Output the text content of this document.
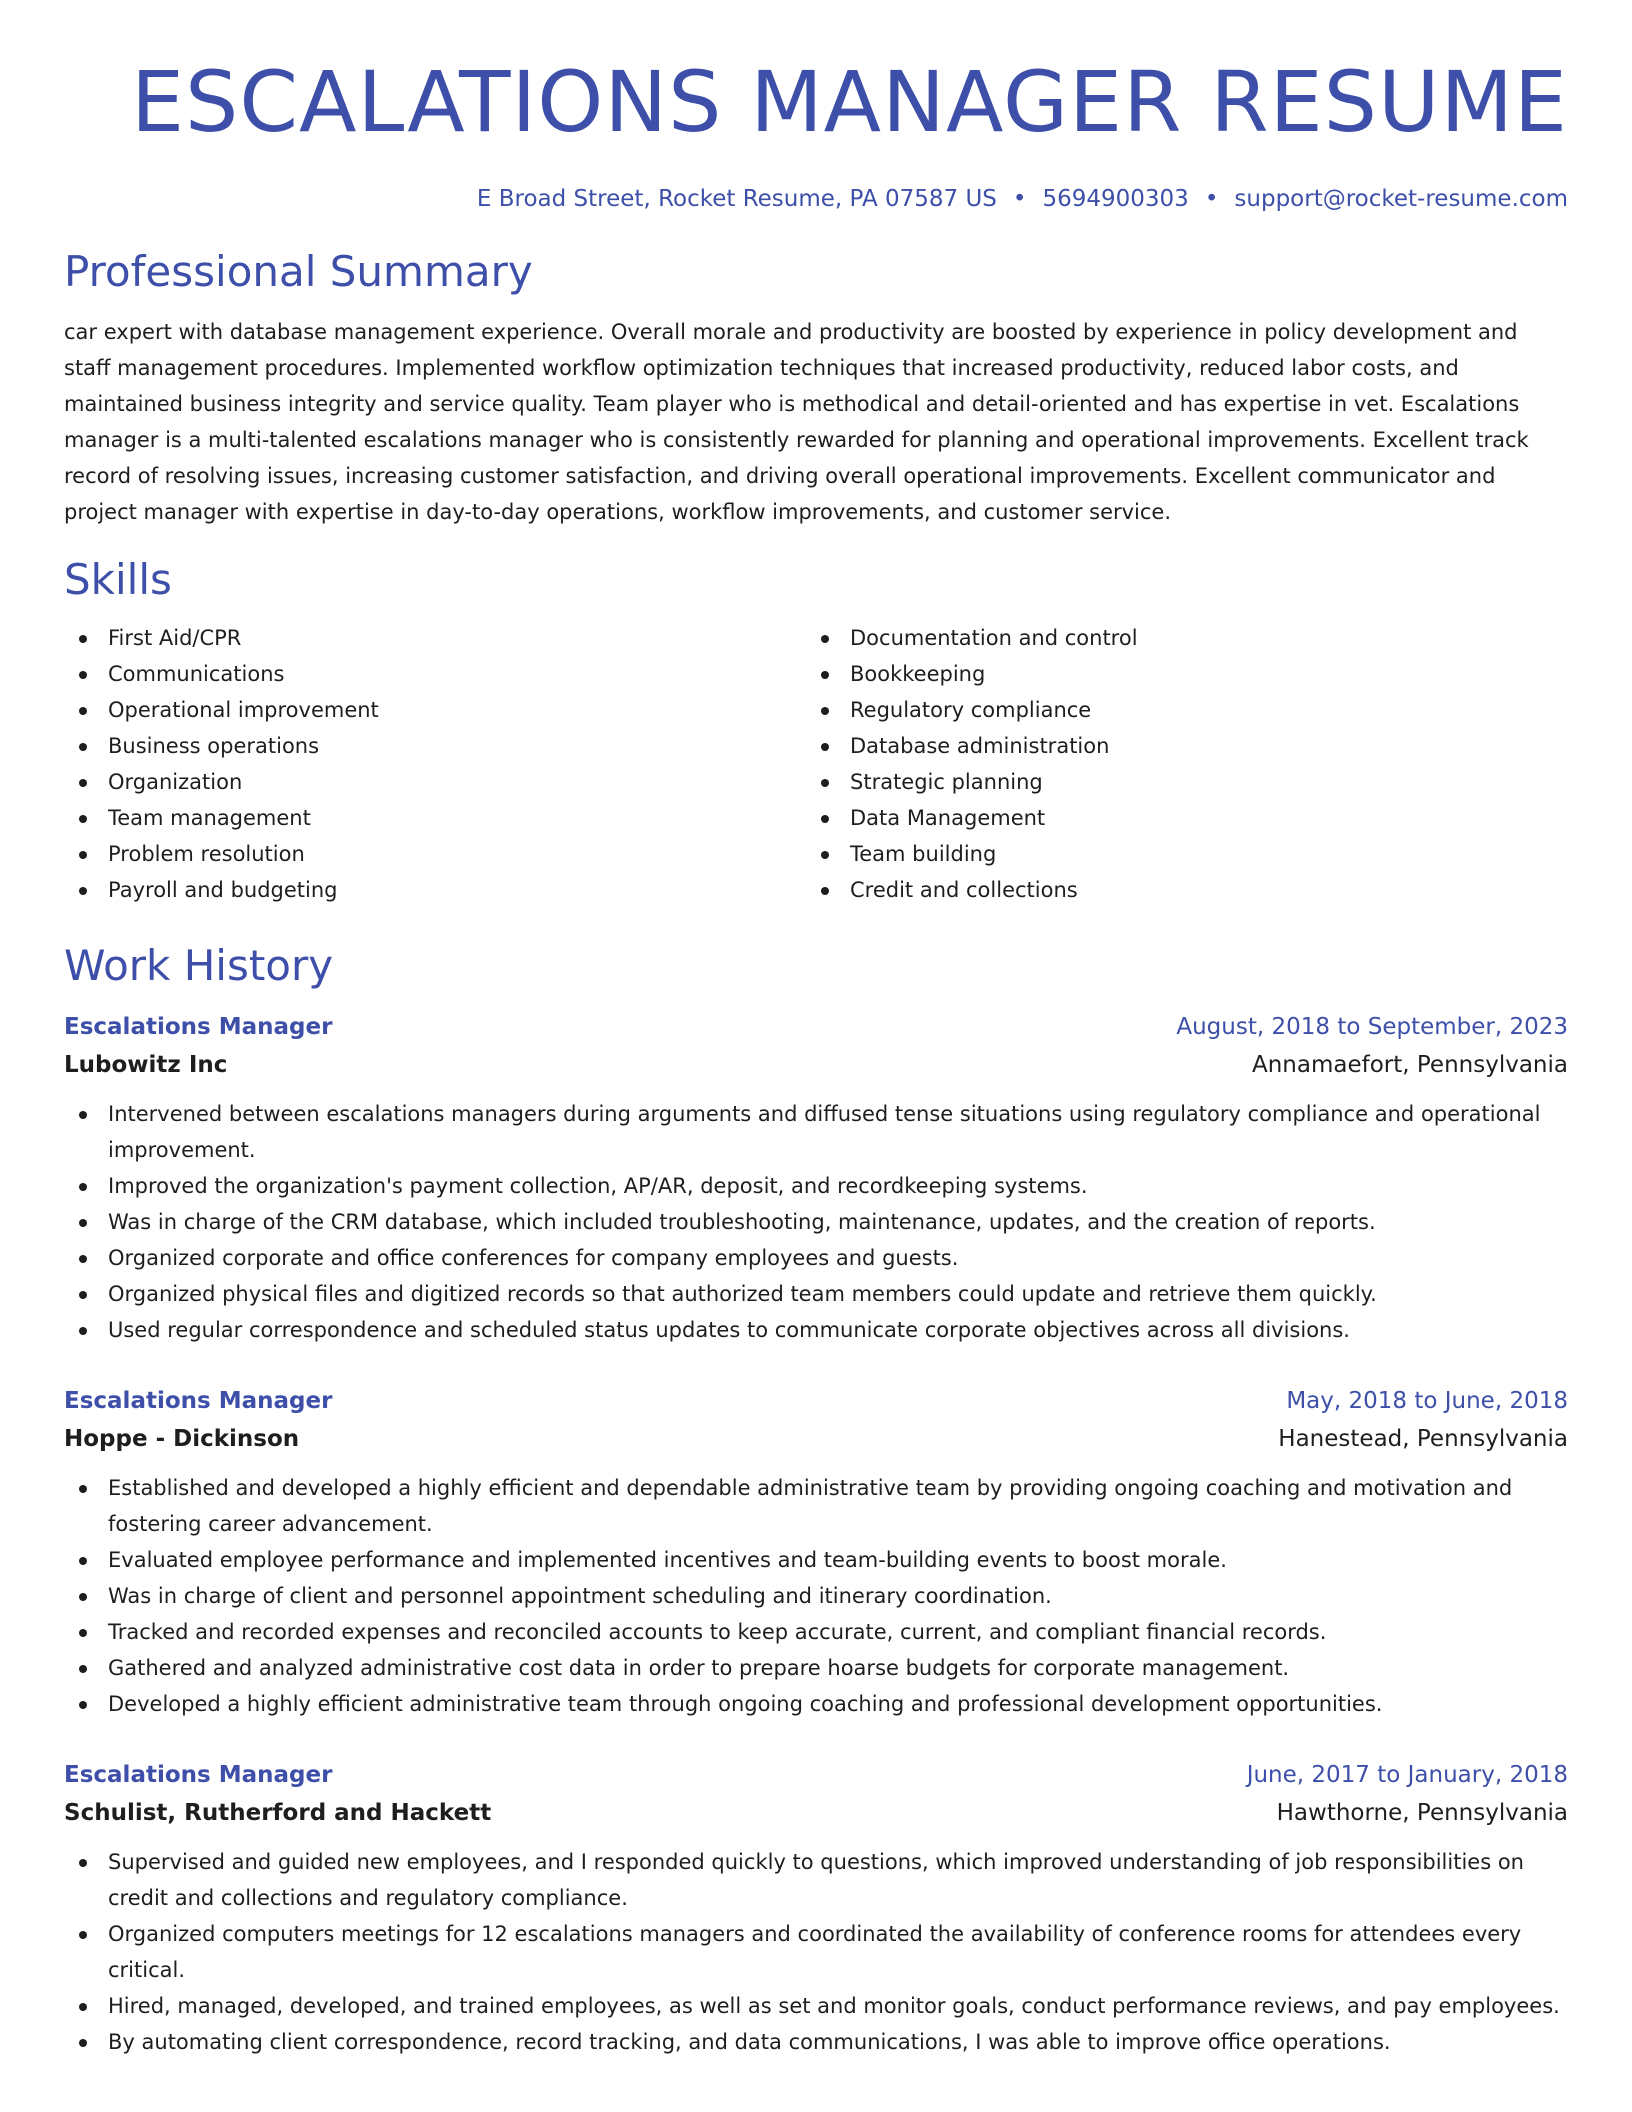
ESCALATIONS MANAGER RESUME
E Broad Street, Rocket Resume, PA 07587 US • 5694900303 • support@rocket-resume.com
Professional Summary

car expert with database management experience. Overall morale and productivity are boosted by experience in policy development and staff management procedures. Implemented workflow optimization techniques that increased productivity, reduced labor costs, and maintained business integrity and service quality. Team player who is methodical and detail-oriented and has expertise in vet. Escalations manager is a multi-talented escalations manager who is consistently rewarded for planning and operational improvements. Excellent track record of resolving issues, increasing customer satisfaction, and driving overall operational improvements. Excellent communicator and project manager with expertise in day-to-day operations, workflow improvements, and customer service.

Skills
First Aid/CPR
Communications
Operational improvement
Business operations
Organization
Team management
Problem resolution
Payroll and budgeting
Documentation and control
Bookkeeping
Regulatory compliance
Database administration
Strategic planning
Data Management
Team building
Credit and collections
Work History
Escalations Manager	August, 2018 to September, 2023
Lubowitz Inc	Annamaefort, Pennsylvania
Intervened between escalations managers during arguments and diffused tense situations using regulatory compliance and operational improvement.
Improved the organization's payment collection, AP/AR, deposit, and recordkeeping systems.
Was in charge of the CRM database, which included troubleshooting, maintenance, updates, and the creation of reports.
Organized corporate and office conferences for company employees and guests.
Organized physical files and digitized records so that authorized team members could update and retrieve them quickly.
Used regular correspondence and scheduled status updates to communicate corporate objectives across all divisions.
Escalations Manager	May, 2018 to June, 2018
Hoppe - Dickinson	Hanestead, Pennsylvania
Established and developed a highly efficient and dependable administrative team by providing ongoing coaching and motivation and fostering career advancement.
Evaluated employee performance and implemented incentives and team-building events to boost morale.
Was in charge of client and personnel appointment scheduling and itinerary coordination.
Tracked and recorded expenses and reconciled accounts to keep accurate, current, and compliant financial records.
Gathered and analyzed administrative cost data in order to prepare hoarse budgets for corporate management.
Developed a highly efficient administrative team through ongoing coaching and professional development opportunities.
Escalations Manager	June, 2017 to January, 2018
Schulist, Rutherford and Hackett	Hawthorne, Pennsylvania
Supervised and guided new employees, and I responded quickly to questions, which improved understanding of job responsibilities on credit and collections and regulatory compliance.
Organized computers meetings for 12 escalations managers and coordinated the availability of conference rooms for attendees every critical.
Hired, managed, developed, and trained employees, as well as set and monitor goals, conduct performance reviews, and pay employees.
By automating client correspondence, record tracking, and data communications, I was able to improve office operations.
